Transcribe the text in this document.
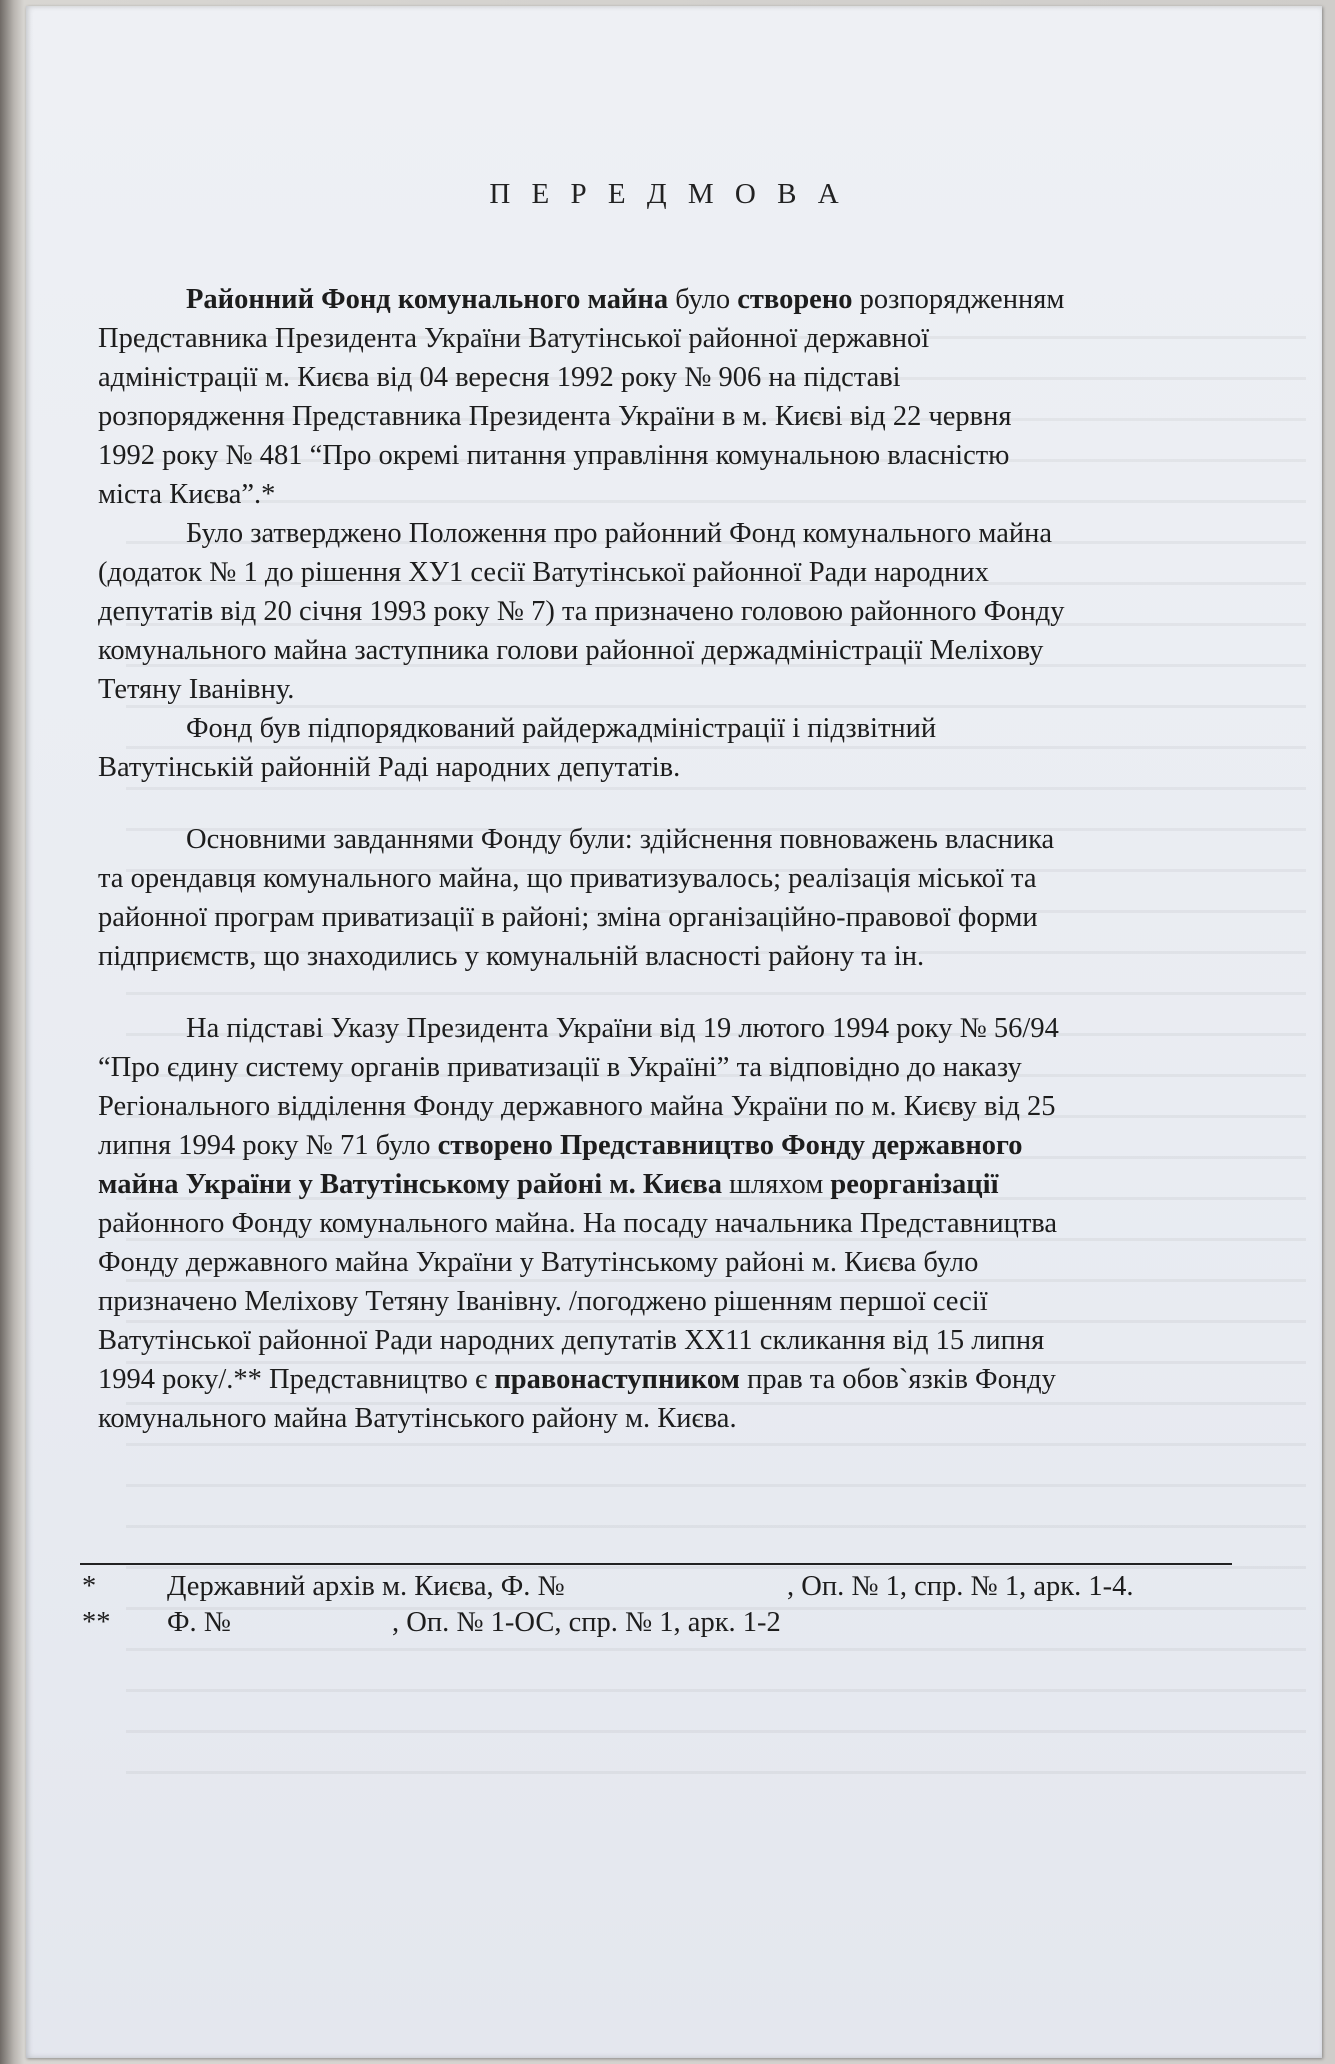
П Е Р Е Д М О В А

Районний Фонд комунального майна було створено розпорядженням
Представника Президента України Ватутінської районної державної
адміністрації м. Києва від 04 вересня 1992 року № 906 на підставі
розпорядження Представника Президента України в м. Києві від 22 червня
1992 року № 481 “Про окремі питання управління комунальною власністю
міста Києва”.*

Було затверджено Положення про районний Фонд комунального майна
(додаток № 1 до рішення ХУ1 сесії Ватутінської районної Ради народних
депутатів від 20 січня 1993 року № 7) та призначено головою районного Фонду
комунального майна заступника голови районної держадміністрації Меліхову
Тетяну Іванівну.

Фонд був підпорядкований райдержадміністрації і підзвітний
Ватутінській районній Раді народних депутатів.

Основними завданнями Фонду були: здійснення повноважень власника
та орендавця комунального майна, що приватизувалось; реалізація міської та
районної програм приватизації в районі; зміна організаційно-правової форми
підприємств, що знаходились у комунальній власності району та ін.

На підставі Указу Президента України від 19 лютого 1994 року № 56/94
“Про єдину систему органів приватизації в Україні” та відповідно до наказу
Регіонального відділення Фонду державного майна України по м. Києву від 25
липня 1994 року № 71 було створено Представництво Фонду державного
майна України у Ватутінському районі м. Києва шляхом реорганізації
районного Фонду комунального майна. На посаду начальника Представництва
Фонду державного майна України у Ватутінському районі м. Києва було
призначено Меліхову Тетяну Іванівну. /погоджено рішенням першої сесії
Ватутінської районної Ради народних депутатів ХХ11 скликання від 15 липня
1994 року/.** Представництво є правонаступником прав та обов`язків Фонду
комунального майна Ватутінського району м. Києва.

* Державний архів м. Києва, Ф. №	, Оп. № 1, спр. № 1, арк. 1-4.
** Ф. №	, Оп. № 1-ОС, спр. № 1, арк. 1-2
